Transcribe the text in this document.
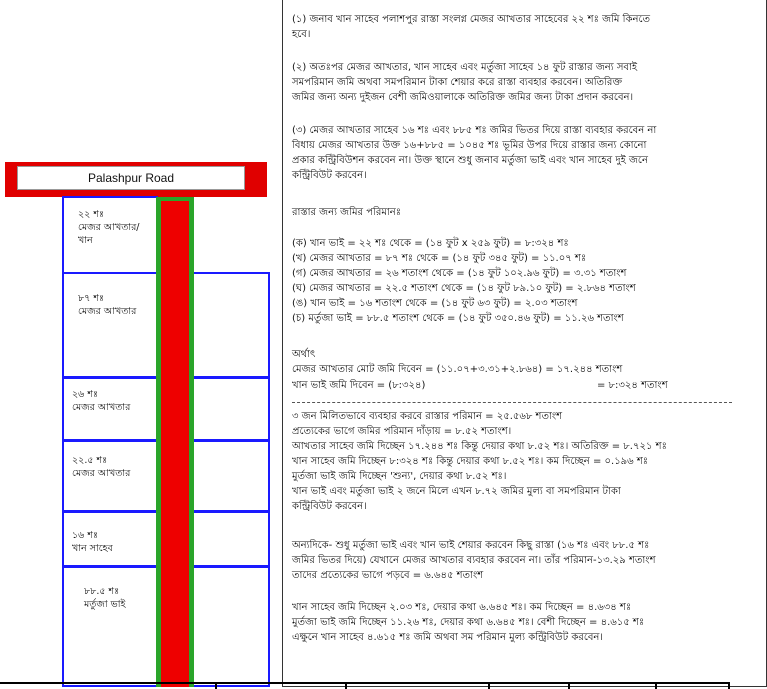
Palashpur Road
২২ শঃ
মেজর আখতার/খান
৮৭ শঃ
মেজর আখতার
২৬ শঃ
মেজর আখতার
২২.৫ শঃ
মেজর আখতার
১৬ শঃ
খান সাহেব
৮৮.৫ শঃ
মর্তুজা ভাই
(১) জনাব খান সাহেব পলাশপুর রাস্তা সংলগ্ন মেজর আখতার সাহেবের ২২ শঃ জমি কিনতে
হবে।
(২) অতঃপর মেজর আখতার, খান সাহেব এবং মর্তুজা সাহেব ১৪ ফুট রাস্তার জন্য সবাই
সমপরিমান জমি অথবা সমপরিমান টাকা শেয়ার করে রাস্তা ব্যবহার করবেন। অতিরিক্ত
জমির জন্য অন্য দুইজন বেশী জমিওয়ালাকে অতিরিক্ত জমির জন্য টাকা প্রদান করবেন।
(৩) মেজর আখতার সাহেব ১৬ শঃ এবং ৮৮৫ শঃ জমির ভিতর দিয়ে রাস্তা ব্যবহার করবেন না
বিধায় মেজর আখতার উক্ত ১৬+৮৮৫ = ১০৪৫ শঃ ভূমির উপর দিয়ে রাস্তার জন্য কোনো
প্রকার কন্ট্রিবিউশন করবেন না। উক্ত স্থানে শুধু জনাব মর্তুজা ভাই এবং খান সাহেব দুই জনে
কন্ট্রিবিউট করবেন।
রাস্তার জন্য জমির পরিমানঃ
(ক) খান ভাই = ২২ শঃ থেকে = (১৪ ফুট x ২৫৯ ফুট) = ৮:৩২৪ শঃ
(খ) মেজর আখতার = ৮৭ শঃ থেকে = (১৪ ফুট ৩৪৫ ফুট) = ১১.০৭ শঃ
(গ) মেজর আখতার = ২৬ শতাংশ থেকে = (১৪ ফুট ১০২.৯৬ ফুট) = ৩.৩১ শতাংশ
(ঘ) মেজর আখতার = ২২.৫ শতাংশ থেকে = (১৪ ফুট ৮৯.১০ ফুট) = ২.৮৬৪ শতাংশ
(ঙ) খান ভাই = ১৬ শতাংশ থেকে = (১৪ ফুট ৬৩ ফুট) = ২.০৩ শতাংশ
(চ) মর্তুজা ভাই = ৮৮.৫ শতাংশ থেকে = (১৪ ফুট ৩৫০.৪৬ ফুট) = ১১.২৬ শতাংশ
অর্থাৎ
মেজর আখতার মোট জমি দিবেন = (১১.০৭+৩.৩১+২.৮৬৪) = ১৭.২৪৪ শতাংশ
খান ভাই জমি দিবেন = (৮:৩২৪)	= ৮:৩২৪ শতাংশ
৩ জন মিলিতভাবে ব্যবহার করবে রাস্তার পরিমান = ২৫.৫৬৮ শতাংশ
প্রত্যেকের ভাগে জমির পরিমান দাঁড়ায় = ৮.৫২ শতাংশ।
আখতার সাহেব জমি দিচ্ছেন ১৭.২৪৪ শঃ কিন্তু দেয়ার কথা ৮.৫২ শঃ। অতিরিক্ত = ৮.৭২১ শঃ
খান সাহেব জমি দিচ্ছেন ৮:৩২৪ শঃ কিন্তু দেয়ার কথা ৮.৫২ শঃ। কম দিচ্ছেন = ০.১৯৬ শঃ
মুর্তজা ভাই জমি দিচ্ছেন 'শুন্য', দেয়ার কথা ৮.৫২ শঃ।
খান ভাই এবং মর্তুজা ভাই ২ জনে মিলে এখন ৮.৭২ জমির মুল্য বা সমপরিমান টাকা
কন্ট্রিবিউট করবেন।
অন্যদিকে- শুধু মর্তুজা ভাই এবং খান ভাই শেয়ার করবেন কিছু রাস্তা (১৬ শঃ এবং ৮৮.৫ শঃ
জমির ভিতর দিয়ে) যেখানে মেজর আখতার ব্যবহার করবেন না। তাঁর পরিমান-১৩.২৯ শতাংশ
তাদের প্রত্যেকের ভাগে পড়বে = ৬.৬৪৫ শতাংশ
খান সাহেব জমি দিচ্ছেন ২.০৩ শঃ, দেয়ার কথা ৬.৬৪৫ শঃ। কম দিচ্ছেন = ৪.৬৩৪ শঃ
মুর্তজা ভাই জমি দিচ্ছেন ১১.২৬ শঃ, দেয়ার কথা ৬.৬৪৫ শঃ। বেশী দিচ্ছেন = ৪.৬১৫ শঃ
এক্ষুনে খান সাহেব ৪.৬১৫ শঃ জমি অথবা সম পরিমান মুল্য কন্ট্রিবিউট করবেন।
